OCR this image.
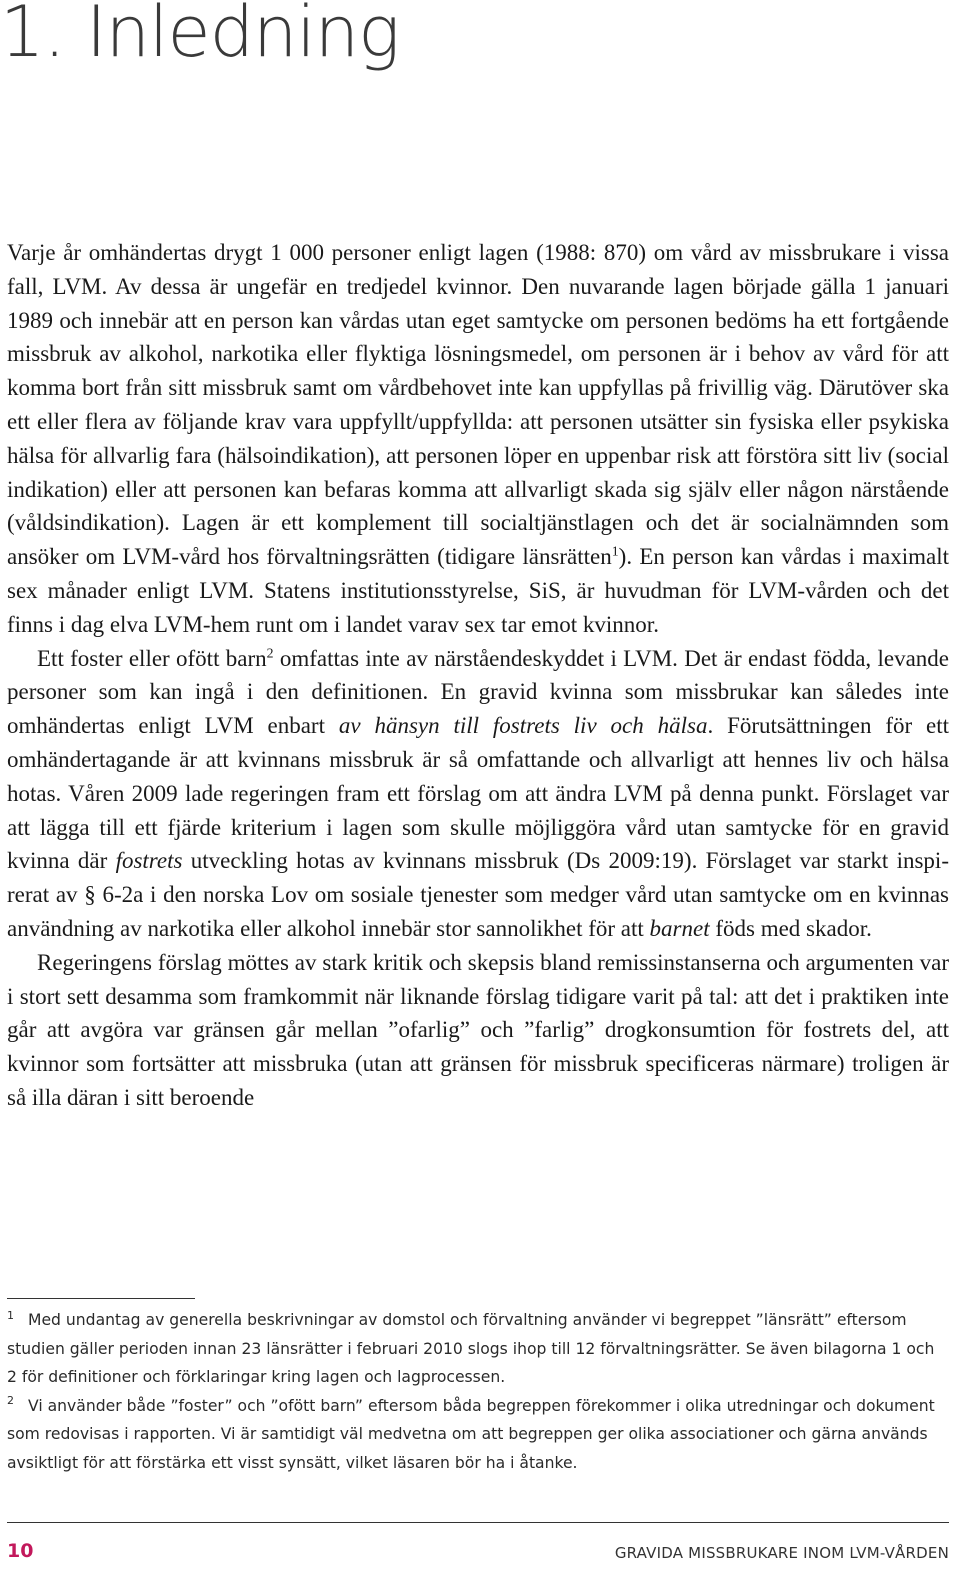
1. Inledning

Varje år omhändertas drygt 1 000 personer enligt lagen (1988: 870) om vård av missbrukare i vissa fall, LVM. Av dessa är ungefär en tredjedel kvinnor. Den nuvarande lagen började gälla 1 januari 1989 och innebär att en person kan vårdas utan eget samtycke om personen bedöms ha ett fortgående missbruk av alkohol, narkotika eller flyktiga lösningsmedel, om personen är i behov av vård för att komma bort från sitt missbruk samt om vårdbehovet inte kan uppfyllas på frivillig väg. Därutöver ska ett eller flera av följande krav vara uppfyllt/uppfyllda: att personen utsätter sin fysiska eller psykiska hälsa för allvarlig fara (hälsoindikation), att personen löper en uppenbar risk att förstöra sitt liv (social indikation) eller att personen kan befaras komma att allvarligt skada sig själv eller någon närstående (våldsindikation). Lagen är ett komplement till socialtjänstlagen och det är socialnämnden som ansöker om LVM-vård hos förvaltningsrätten (tidigare länsrätten$^1$). En person kan vårdas i maximalt sex månader enligt LVM. Statens institutionsstyrelse, SiS, är huvudman för LVM-vården och det finns i dag elva LVM-hem runt om i landet varav sex tar emot kvinnor.

Ett foster eller ofött barn$^2$ omfattas inte av närståendeskyddet i LVM. Det är endast födda, levande personer som kan ingå i den definitionen. En gravid kvinna som missbrukar kan således inte omhändertas enligt LVM enbart av hänsyn till fostrets liv och hälsa. Förutsättningen för ett omhändertagande är att kvinnans missbruk är så omfattande och allvarligt att hennes liv och hälsa hotas. Våren 2009 lade regeringen fram ett förslag om att ändra LVM på denna punkt. Förslaget var att lägga till ett fjärde kriterium i lagen som skulle möjliggöra vård utan samtycke för en gravid kvinna där fostrets utveckling hotas av kvinnans missbruk (Ds 2009:19). Förslaget var starkt inspirerat av § 6-2a i den norska Lov om sosiale tjenester som medger vård utan samtycke om en kvinnas användning av narkotika eller alkohol innebär stor sannolikhet för att barnet föds med skador.

Regeringens förslag möttes av stark kritik och skepsis bland remissinstanserna och argumenten var i stort sett desamma som framkommit när liknande förslag tidigare varit på tal: att det i praktiken inte går att avgöra var gränsen går mellan ”ofarlig” och ”farlig” drogkonsumtion för fostrets del, att kvinnor som fortsätter att missbruka (utan att gränsen för missbruk specificeras närmare) troligen är så illa däran i sitt beroende

$^1$ Med undantag av generella beskrivningar av domstol och förvaltning använder vi begreppet ”länsrätt” eftersom studien gäller perioden innan 23 länsrätter i februari 2010 slogs ihop till 12 förvaltningsrätter. Se även bilagorna 1 och 2 för definitioner och förklaringar kring lagen och lagprocessen.

$^2$ Vi använder både ”foster” och ”ofött barn” eftersom båda begreppen förekommer i olika utredningar och dokument som redovisas i rapporten. Vi är samtidigt väl medvetna om att begreppen ger olika associationer och gärna används avsiktligt för att förstärka ett visst synsätt, vilket läsaren bör ha i åtanke.

10	GRAVIDA MISSBRUKARE INOM LVM-VÅRDEN
